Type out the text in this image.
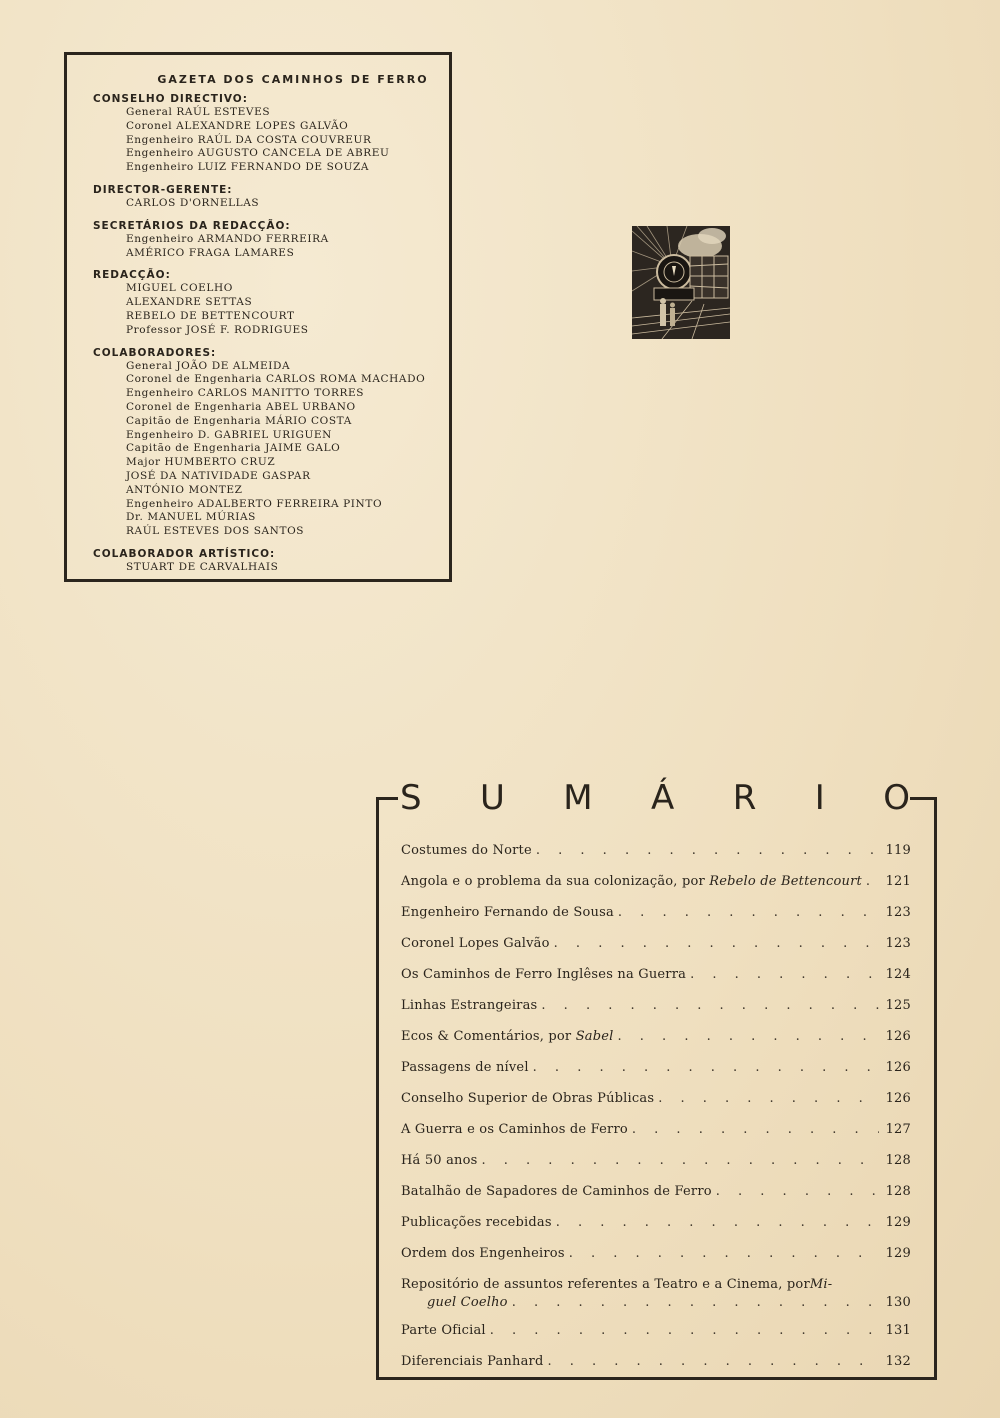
GAZETA DOS CAMINHOS DE FERRO
CONSELHO DIRECTIVO:
General RAÚL ESTEVES
Coronel ALEXANDRE LOPES GALVÃO
Engenheiro RAÚL DA COSTA COUVREUR
Engenheiro AUGUSTO CANCELA DE ABREU
Engenheiro LUIZ FERNANDO DE SOUZA
DIRECTOR-GERENTE:
CARLOS D'ORNELLAS
SECRETÁRIOS DA REDACÇÃO:
Engenheiro ARMANDO FERREIRA
AMÉRICO FRAGA LAMARES
REDACÇÃO:
MIGUEL COELHO
ALEXANDRE SETTAS
REBELO DE BETTENCOURT
Professor JOSÉ F. RODRIGUES
COLABORADORES:
General JOÃO DE ALMEIDA
Coronel de Engenharia CARLOS ROMA MACHADO
Engenheiro CARLOS MANITTO TORRES
Coronel de Engenharia ABEL URBANO
Capitão de Engenharia MÁRIO COSTA
Engenheiro D. GABRIEL URIGUEN
Capitão de Engenharia JAIME GALO
Major HUMBERTO CRUZ
JOSÉ DA NATIVIDADE GASPAR
ANTÓNIO MONTEZ
Engenheiro ADALBERTO FERREIRA PINTO
Dr. MANUEL MÚRIAS
RAÚL ESTEVES DOS SANTOS
COLABORADOR ARTÍSTICO:
STUART DE CARVALHAIS
S U M Á R I O
Costumes do Norte . . .	119
Angola e o problema da sua colonização, por Rebelo de Bettencourt . . . 121
Engenheiro Fernando de Sousa . . .	123
Coronel Lopes Galvão . . .	123
Os Caminhos de Ferro Inglêses na Guerra . . .	124
Linhas Estrangeiras . . .	125
Ecos & Comentários, por Sabel . . .	126
Passagens de nível . . .	126
Conselho Superior de Obras Públicas . . .	126
A Guerra e os Caminhos de Ferro . . .	127
Há 50 anos . . .	128
Batalhão de Sapadores de Caminhos de Ferro . . .	128
Publicações recebidas . . .	129
Ordem dos Engenheiros . . .	129
Repositório de assuntos referentes a Teatro e a Cinema, por Mi-
guel Coelho . . .	130
Parte Oficial . . .	131
Diferenciais Panhard . . .	132
